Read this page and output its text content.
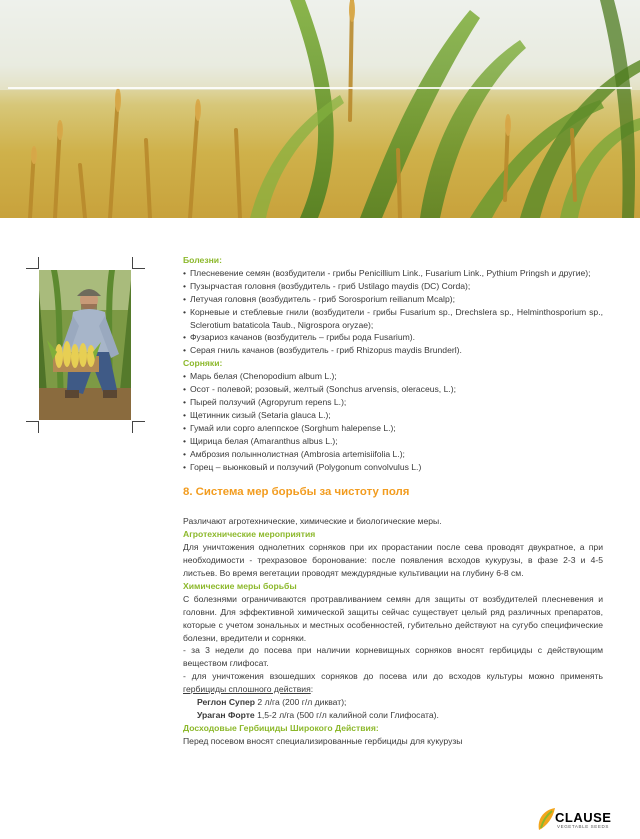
Болезни:
• Плесневение семян (возбудители - грибы Penicillium Link., Fusarium Link., Pythium Pringsh и другие);
• Пузырчастая головня (возбудитель - гриб Ustilago maydis (DC) Corda);
• Летучая головня (возбудитель - гриб Sorosporium reilianum Mcalp);
• Корневые и стеблевые гнили (возбудители - грибы Fusarium sp., Drechslera sp., Helminthosporium sp., Sclerotium bataticola Taub., Nigrospora oryzae);
• Фузариоз качанов (возбудитель – грибы рода Fusarium).
• Серая гниль качанов (возбудитель - гриб Rhizopus maydis Brunderl).
Сорняки:
• Марь белая (Chenopodium album L.);
• Осот - полевой; розовый, желтый (Sonchus arvensis, oleraceus, L.);
• Пырей ползучий (Agropyrum repens L.);
• Щетинник сизый (Setaria glauca L.);
• Гумай или сорго алеппское (Sorghum halepense L.);
• Щирица белая (Amaranthus albus L.);
• Амброзия полыннолистная (Ambrosia artemisiifolia L.);
• Горец – вьюнковый и ползучий (Polygonum convolvulus L.)
8. Система мер борьбы за чистоту поля

Различают агротехнические, химические и биологические меры.

Агротехнические мероприятия

Для уничтожения однолетних сорняков при их прорастании после сева проводят двукратное, а при необходимости - трехразовое боронование: после появления всходов кукурузы, в фазе 2-3 и 4-5 листьев. Во время вегетации проводят междурядные культивации на глубину 6-8 см.

Химические меры борьбы

С болезнями ограничиваются протравливанием семян для защиты от возбудителей плесневения и головни. Для эффективной химической защиты сейчас существует целый ряд различных препаратов, которые с учетом зональных и местных особенностей, губительно действуют на сугубо специфические болезни, вредители и сорняки.

- за 3 недели до посева при наличии корневищных сорняков вносят гербициды с действующим веществом глифосат.

- для уничтожения взошедших сорняков до посева или до всходов культуры можно применять гербициды сплошного действия:

Реглон Супер 2 л/га (200 г/л дикват);
Ураган Форте 1,5-2 л/га (500 г/л калийной соли Глифосата).
Досходовые Гербициды Широкого Действия:

Перед посевом вносят специализированные гербициды для кукурузы

CLAUSE
VEGETABLE SEEDS
